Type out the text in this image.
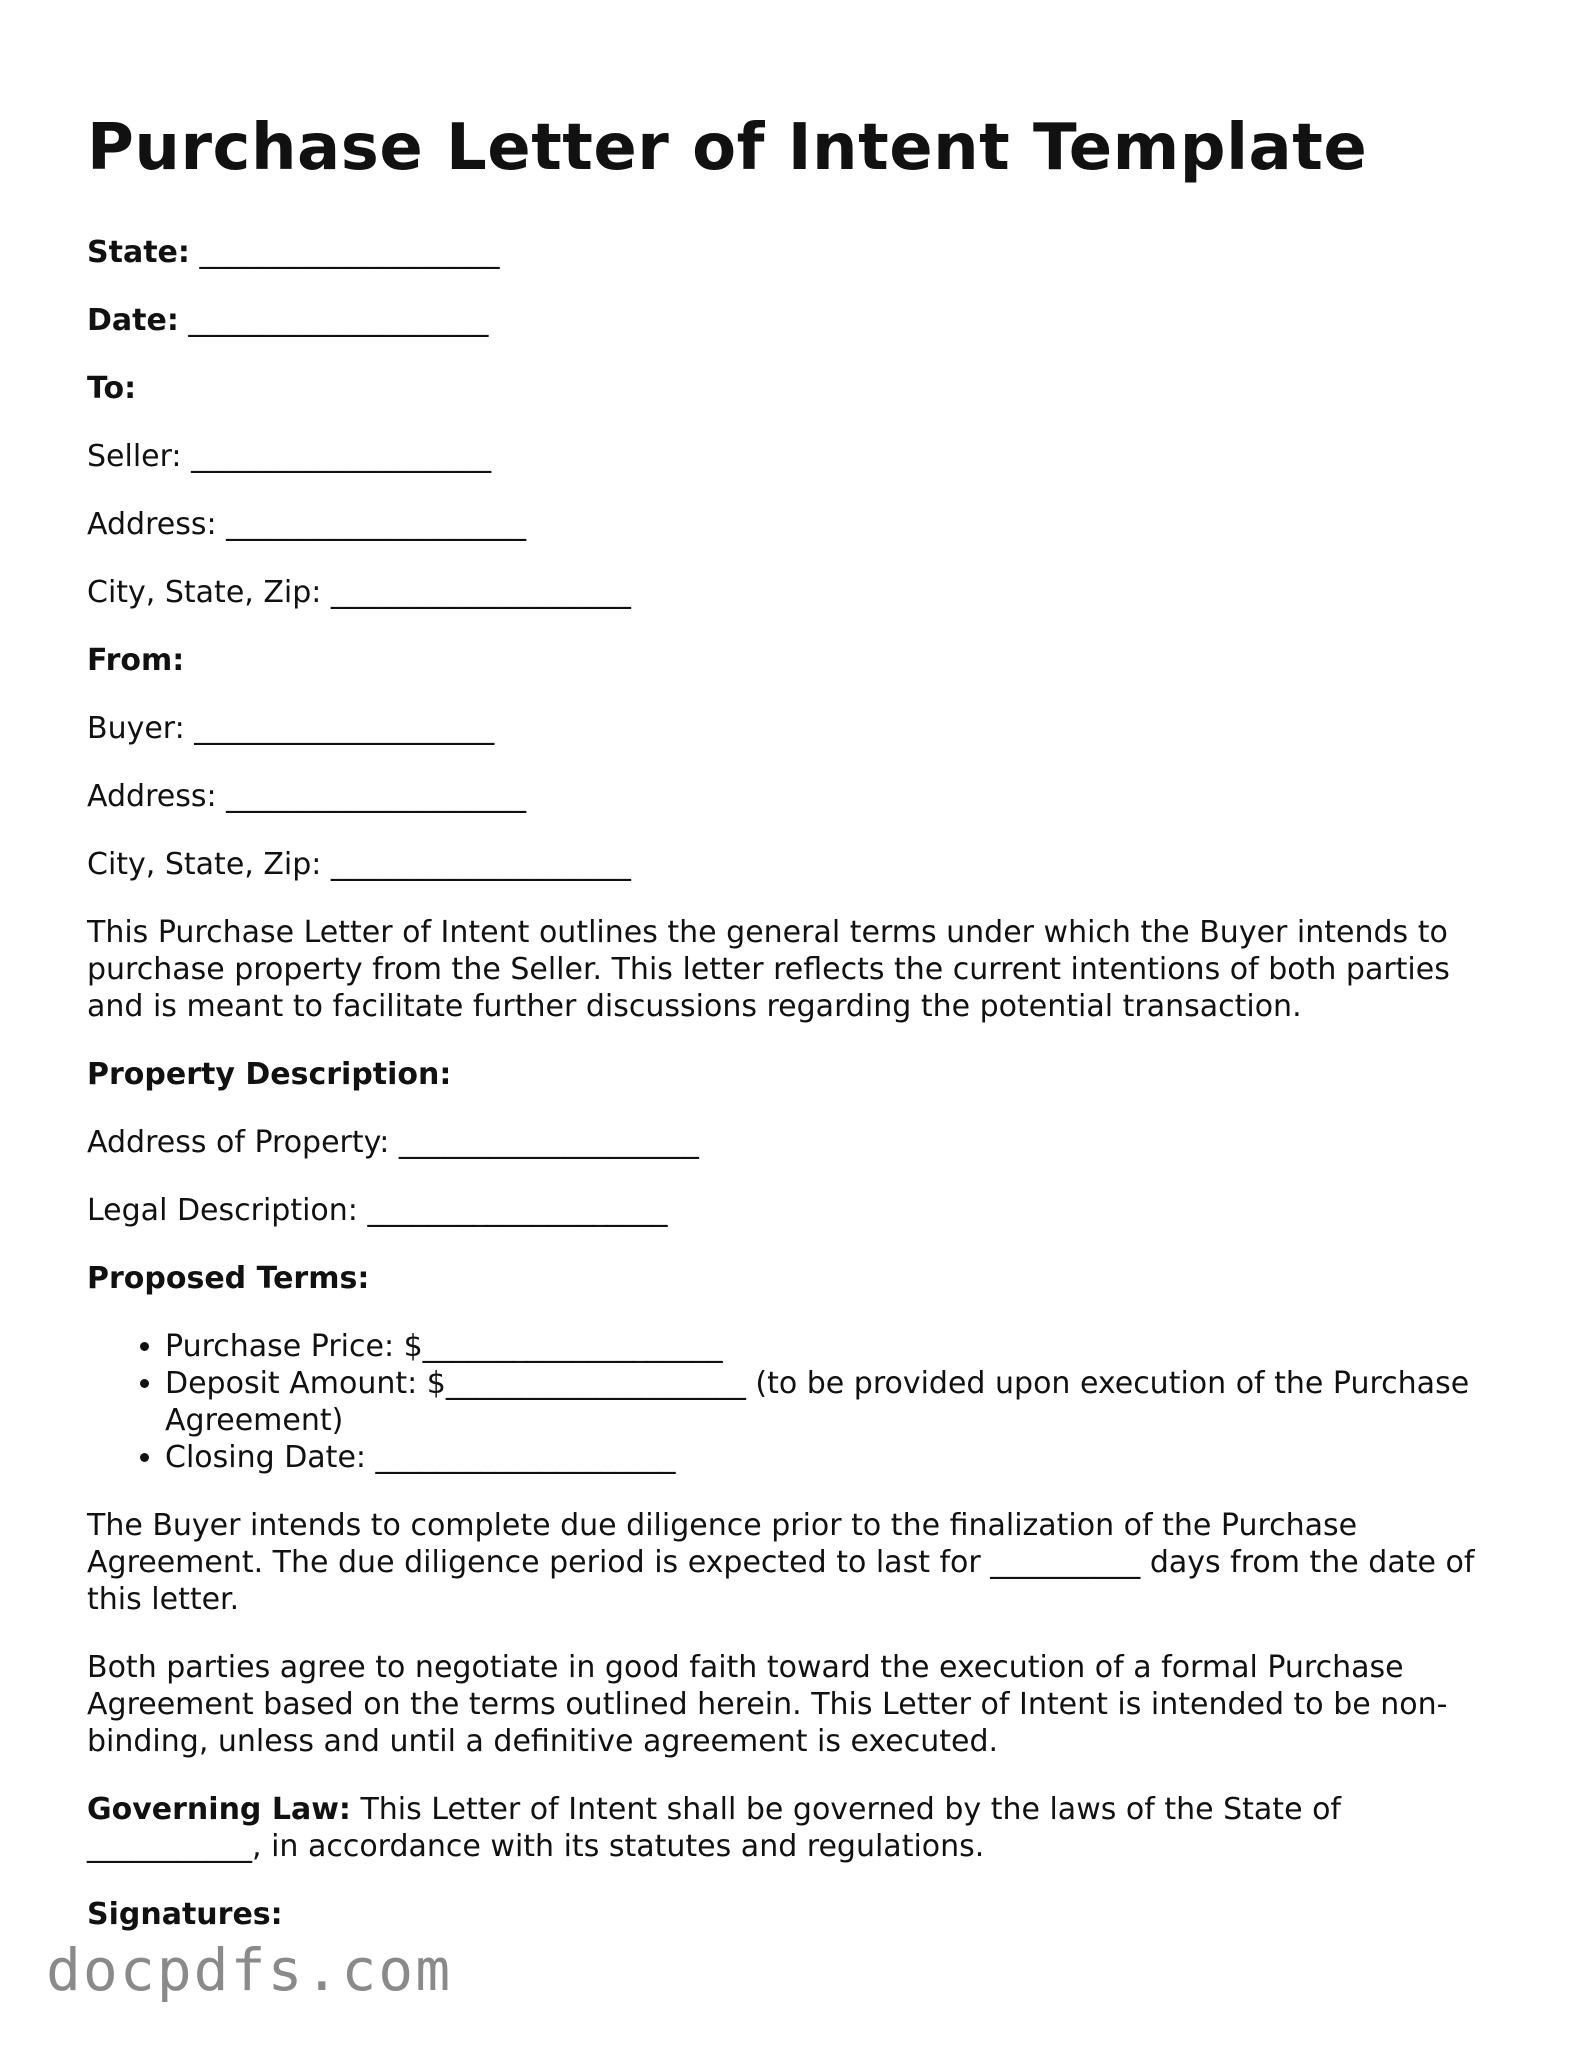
Purchase Letter of Intent Template
State: ____________________
Date: ____________________
To:
Seller: ____________________
Address: ____________________
City, State, Zip: ____________________
From:
Buyer: ____________________
Address: ____________________
City, State, Zip: ____________________

This Purchase Letter of Intent outlines the general terms under which the Buyer intends to purchase property from the Seller. This letter reflects the current intentions of both parties and is meant to facilitate further discussions regarding the potential transaction.

Property Description:
Address of Property: ____________________
Legal Description: ____________________
Proposed Terms:
• Purchase Price: $____________________
• Deposit Amount: $____________________ (to be provided upon execution of the Purchase Agreement)
• Closing Date: ____________________

The Buyer intends to complete due diligence prior to the finalization of the Purchase Agreement. The due diligence period is expected to last for __________ days from the date of this letter.

Both parties agree to negotiate in good faith toward the execution of a formal Purchase Agreement based on the terms outlined herein. This Letter of Intent is intended to be non-binding, unless and until a definitive agreement is executed.

Governing Law: This Letter of Intent shall be governed by the laws of the State of ___________, in accordance with its statutes and regulations.

Signatures:
docpdfs.com
